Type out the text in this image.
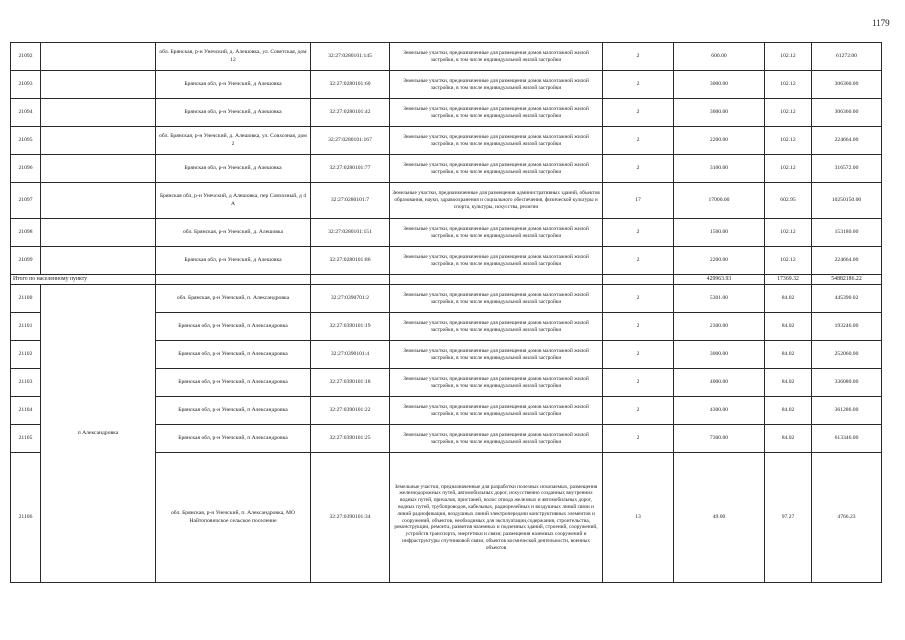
1179
21092		обл. Брянская, р-н Унечский, д. Алешовка, ул. Советская, дом 12	32:27:0280101:145	Земельные участки, предназначенные для размещения домов малоэтажной жилой застройки, в том числе индивидуальной жилой застройки	2	600.00	102.12	61272.00
21093		Брянская обл, р-н Унечский, д Алешовка	32:27:0280101:60	Земельные участки, предназначенные для размещения домов малоэтажной жилой застройки, в том числе индивидуальной жилой застройки	2	3000.00	102.12	306360.00
21094		Брянская обл, р-н Унечский, д Алешовка	32:27:0280101:42	Земельные участки, предназначенные для размещения домов малоэтажной жилой застройки, в том числе индивидуальной жилой застройки	2	3000.00	102.12	306360.00
21095		обл. Брянская, р-н Унечский, д. Алешовка, ул. Совхозная, дом 2	32:27:0280101:167	Земельные участки, предназначенные для размещения домов малоэтажной жилой застройки, в том числе индивидуальной жилой застройки	2	2200.00	102.12	224664.00
21096		Брянская обл, р-н Унечский, д Алешовка	32:27:0280101:77	Земельные участки, предназначенные для размещения домов малоэтажной жилой застройки, в том числе индивидуальной жилой застройки	2	3100.00	102.12	316572.00
21097		Брянская обл, р-н Унечский, д Алешовка, пер Совхозный, д 4 А	32:27:0280101:7	Земельные участки, предназначенные для размещения административных зданий, объектов образования, науки, здравоохранения и социального обеспечения, физической культуры и спорта, культуры, искусства, религии	17	17000.00	602.95	10250150.00
21098		обл. Брянская, р-н Унечский, д. Алешовка	32:27:0280101:151	Земельные участки, предназначенные для размещения домов малоэтажной жилой застройки, в том числе индивидуальной жилой застройки	2	1500.00	102.12	153180.00
21099		Брянская обл, р-н Унечский, д Алешовка	32:27:0280101:86	Земельные участки, предназначенные для размещения домов малоэтажной жилой застройки, в том числе индивидуальной жилой застройки	2	2200.00	102.12	224664.00
Итого по населенному пункту						429963.93	17369.32	54882186.22
21100	п Александровка	обл. Брянская, р-н Унечский, п. Александровка	32:27:0390701:2	Земельные участки, предназначенные для размещения домов малоэтажной жилой застройки, в том числе индивидуальной жилой застройки	2	5301.00	84.02	445390.02
21101		Брянская обл, р-н Унечский, п Александровка	32:27:0390101:19	Земельные участки, предназначенные для размещения домов малоэтажной жилой застройки, в том числе индивидуальной жилой застройки	2	2300.00	84.02	193246.00
21102		Брянская обл, р-н Унечский, п Александровка	32:27:0390101:4	Земельные участки, предназначенные для размещения домов малоэтажной жилой застройки, в том числе индивидуальной жилой застройки	2	3000.00	84.02	252060.00
21103		Брянская обл, р-н Унечский, п Александровка	32:27:0390101:18	Земельные участки, предназначенные для размещения домов малоэтажной жилой застройки, в том числе индивидуальной жилой застройки	2	4000.00	84.02	336080.00
21104		Брянская обл, р-н Унечский, п Александровка	32:27:0390101:22	Земельные участки, предназначенные для размещения домов малоэтажной жилой застройки, в том числе индивидуальной жилой застройки	2	4300.00	84.02	361286.00
21105		Брянская обл, р-н Унечский, п Александровка	32:27:0390101:25	Земельные участки, предназначенные для размещения домов малоэтажной жилой застройки, в том числе индивидуальной жилой застройки	2	7300.00	84.02	613346.00
21106		обл. Брянская, р-н Унечский, п. Александровка, МО Найтоповичское сельское поселение	32:27:0390101:34	Земельные участки, предназначенные для разработки полезных ископаемых, размещения железнодорожных путей, автомобильных дорог, искусственно созданных внутренних водных путей, причалов, пристаней, полос отвода железных и автомобильных дорог, водных путей, трубопроводов, кабельных, радиорелейных и воздушных линий связи и линий радиофикации, воздушных линий электропередачи конструктивных элементов и сооружений, объектов, необходимых для эксплуатации,содержания, строительства, реконструкции, ремонта, развития наземных и подземных зданий, строений, сооружений, устройств транспорта, энергетики и связи; размещения наземных сооружений и инфраструктуры спутниковой связи, объектов космической деятельности, военных объектов	13	49.00	97.27	4766.23
